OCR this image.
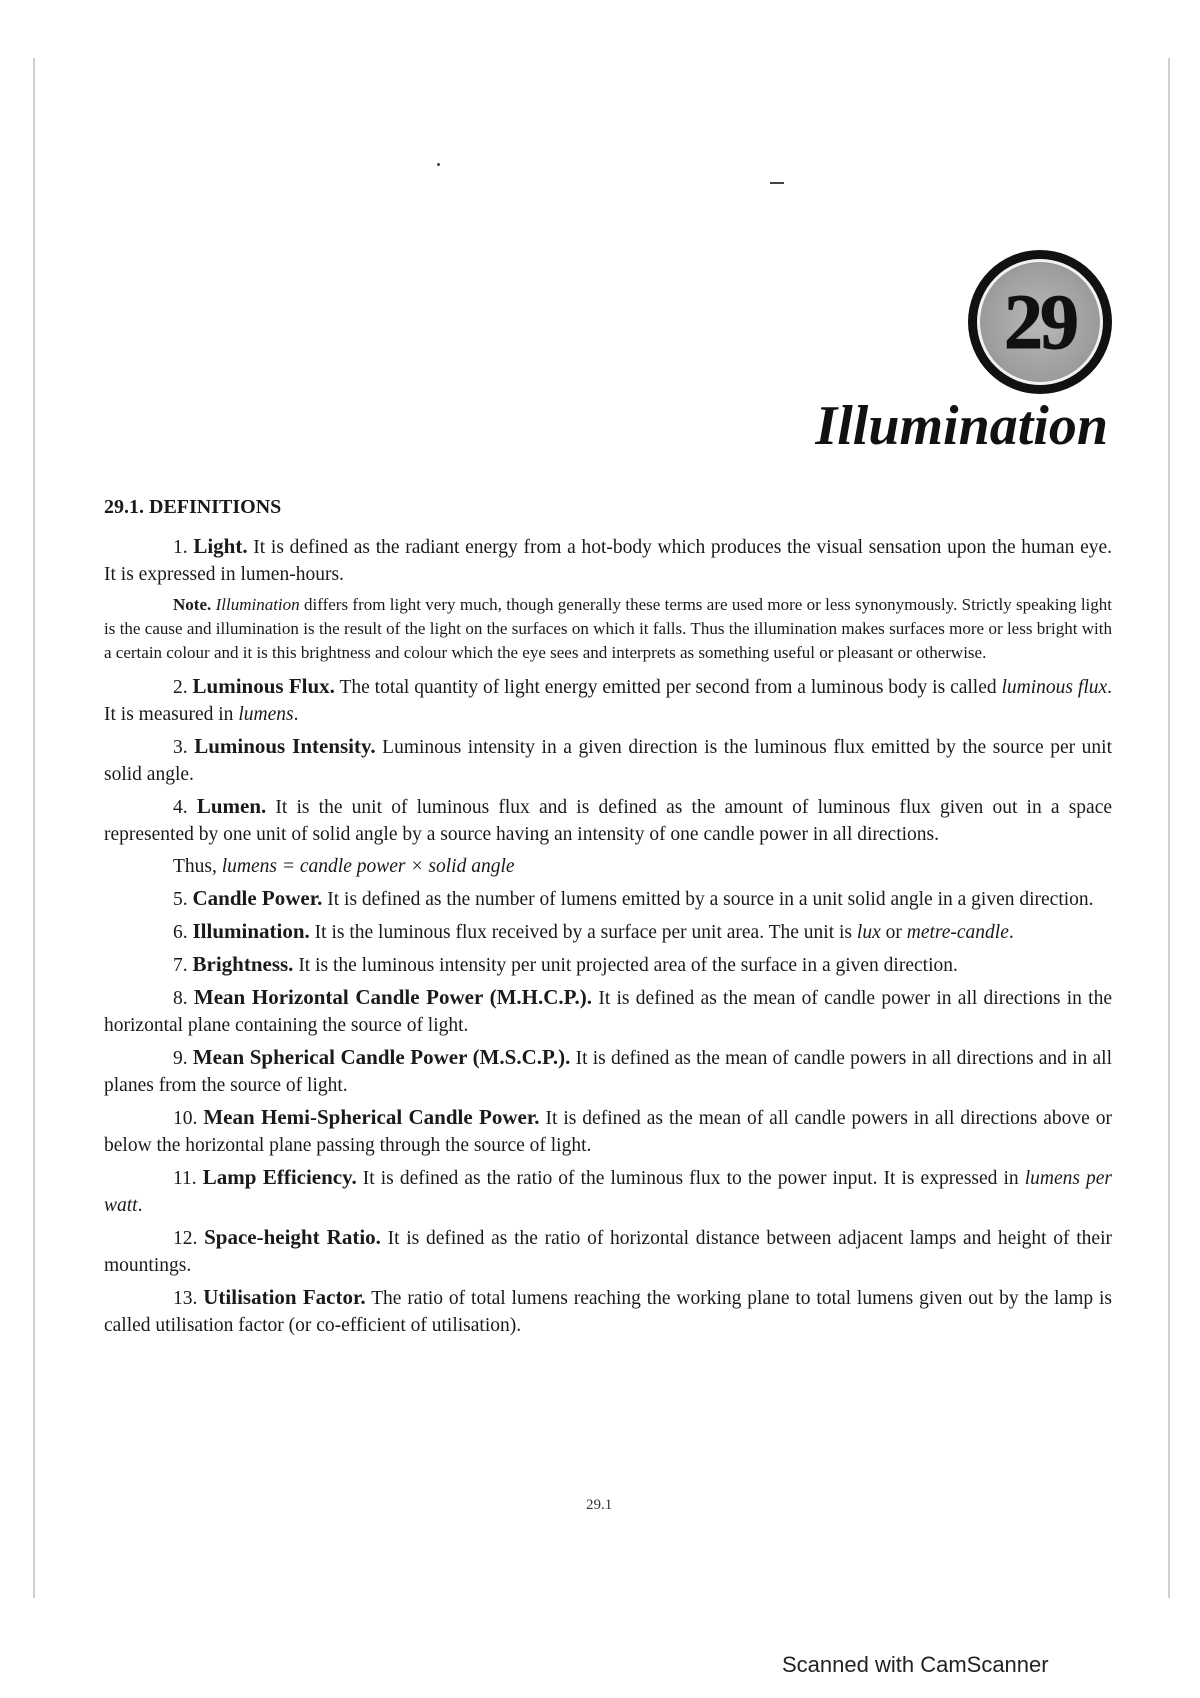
29
Illumination
29.1. DEFINITIONS

1. Light. It is defined as the radiant energy from a hot-body which produces the visual sensation upon the human eye. It is expressed in lumen-hours.

Note. Illumination differs from light very much, though generally these terms are used more or less synonymously. Strictly speaking light is the cause and illumination is the result of the light on the surfaces on which it falls. Thus the illumination makes surfaces more or less bright with a certain colour and it is this brightness and colour which the eye sees and interprets as something useful or pleasant or otherwise.

2. Luminous Flux. The total quantity of light energy emitted per second from a luminous body is called luminous flux. It is measured in lumens.

3. Luminous Intensity. Luminous intensity in a given direction is the luminous flux emitted by the source per unit solid angle.

4. Lumen. It is the unit of luminous flux and is defined as the amount of luminous flux given out in a space represented by one unit of solid angle by a source having an intensity of one candle power in all directions.

Thus, lumens = candle power × solid angle

5. Candle Power. It is defined as the number of lumens emitted by a source in a unit solid angle in a given direction.

6. Illumination. It is the luminous flux received by a surface per unit area. The unit is lux or metre-candle.

7. Brightness. It is the luminous intensity per unit projected area of the surface in a given direction.

8. Mean Horizontal Candle Power (M.H.C.P.). It is defined as the mean of candle power in all directions in the horizontal plane containing the source of light.

9. Mean Spherical Candle Power (M.S.C.P.). It is defined as the mean of candle powers in all directions and in all planes from the source of light.

10. Mean Hemi-Spherical Candle Power. It is defined as the mean of all candle powers in all directions above or below the horizontal plane passing through the source of light.

11. Lamp Efficiency. It is defined as the ratio of the luminous flux to the power input. It is expressed in lumens per watt.

12. Space-height Ratio. It is defined as the ratio of horizontal distance between adjacent lamps and height of their mountings.

13. Utilisation Factor. The ratio of total lumens reaching the working plane to total lumens given out by the lamp is called utilisation factor (or co-efficient of utilisation).

29.1
Scanned with CamScanner
